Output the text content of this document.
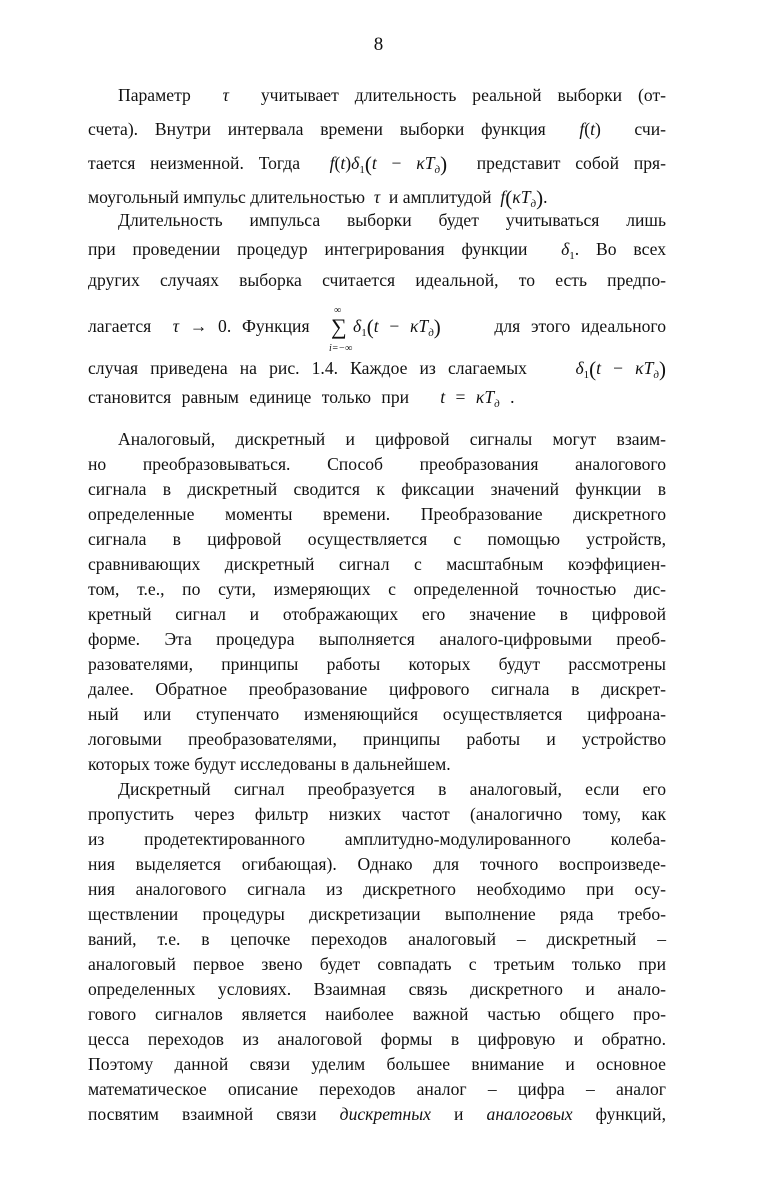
8
Параметр  τ  учитывает длительность реальной выборки (от-
счета). Внутри интервала времени выборки функция  f(t)  счи-
тается неизменной. Тогда  $f(t)\delta_1(t - \kappa T_д)$  представит собой пря-
моугольный импульс длительностью  τ  и амплитудой  $f(\kappa T_д)$.
Длительность импульса выборки будет учитываться лишь
при проведении процедур интегрирования функции $\delta_1$. Во всех
других случаях выборка считается идеальной, то есть предпо-
лагается τ → 0. Функция
∞
∑
i=−∞
$\delta_1(t - \kappa T_д)$	для этого идеального
случая приведена на рис. 1.4. Каждое из слагаемых	$\delta_1(t - \kappa T_д)$
становится равным единице только при $t = \kappa T_д$ .
Аналоговый, дискретный и цифровой сигналы могут взаим-
но преобразовываться. Способ преобразования аналогового
сигнала в дискретный сводится к фиксации значений функции в
определенные моменты времени. Преобразование дискретного
сигнала в цифровой осуществляется с помощью устройств,
сравнивающих дискретный сигнал с масштабным коэффициен-
том, т.е., по сути, измеряющих с определенной точностью дис-
кретный сигнал и отображающих его значение в цифровой
форме. Эта процедура выполняется аналого-цифровыми преоб-
разователями, принципы работы которых будут рассмотрены
далее. Обратное преобразование цифрового сигнала в дискрет-
ный или ступенчато изменяющийся осуществляется цифроана-
логовыми преобразователями, принципы работы и устройство
которых тоже будут исследованы в дальнейшем.
Дискретный сигнал преобразуется в аналоговый, если его
пропустить через фильтр низких частот (аналогично тому, как
из продетектированного амплитудно-модулированного колеба-
ния выделяется огибающая). Однако для точного воспроизведе-
ния аналогового сигнала из дискретного необходимо при осу-
ществлении процедуры дискретизации выполнение ряда требо-
ваний, т.е. в цепочке переходов аналоговый – дискретный –
аналоговый первое звено будет совпадать с третьим только при
определенных условиях. Взаимная связь дискретного и анало-
гового сигналов является наиболее важной частью общего про-
цесса переходов из аналоговой формы в цифровую и обратно.
Поэтому данной связи уделим большее внимание и основное
математическое описание переходов аналог – цифра – аналог
посвятим взаимной связи дискретных и аналоговых функций,
